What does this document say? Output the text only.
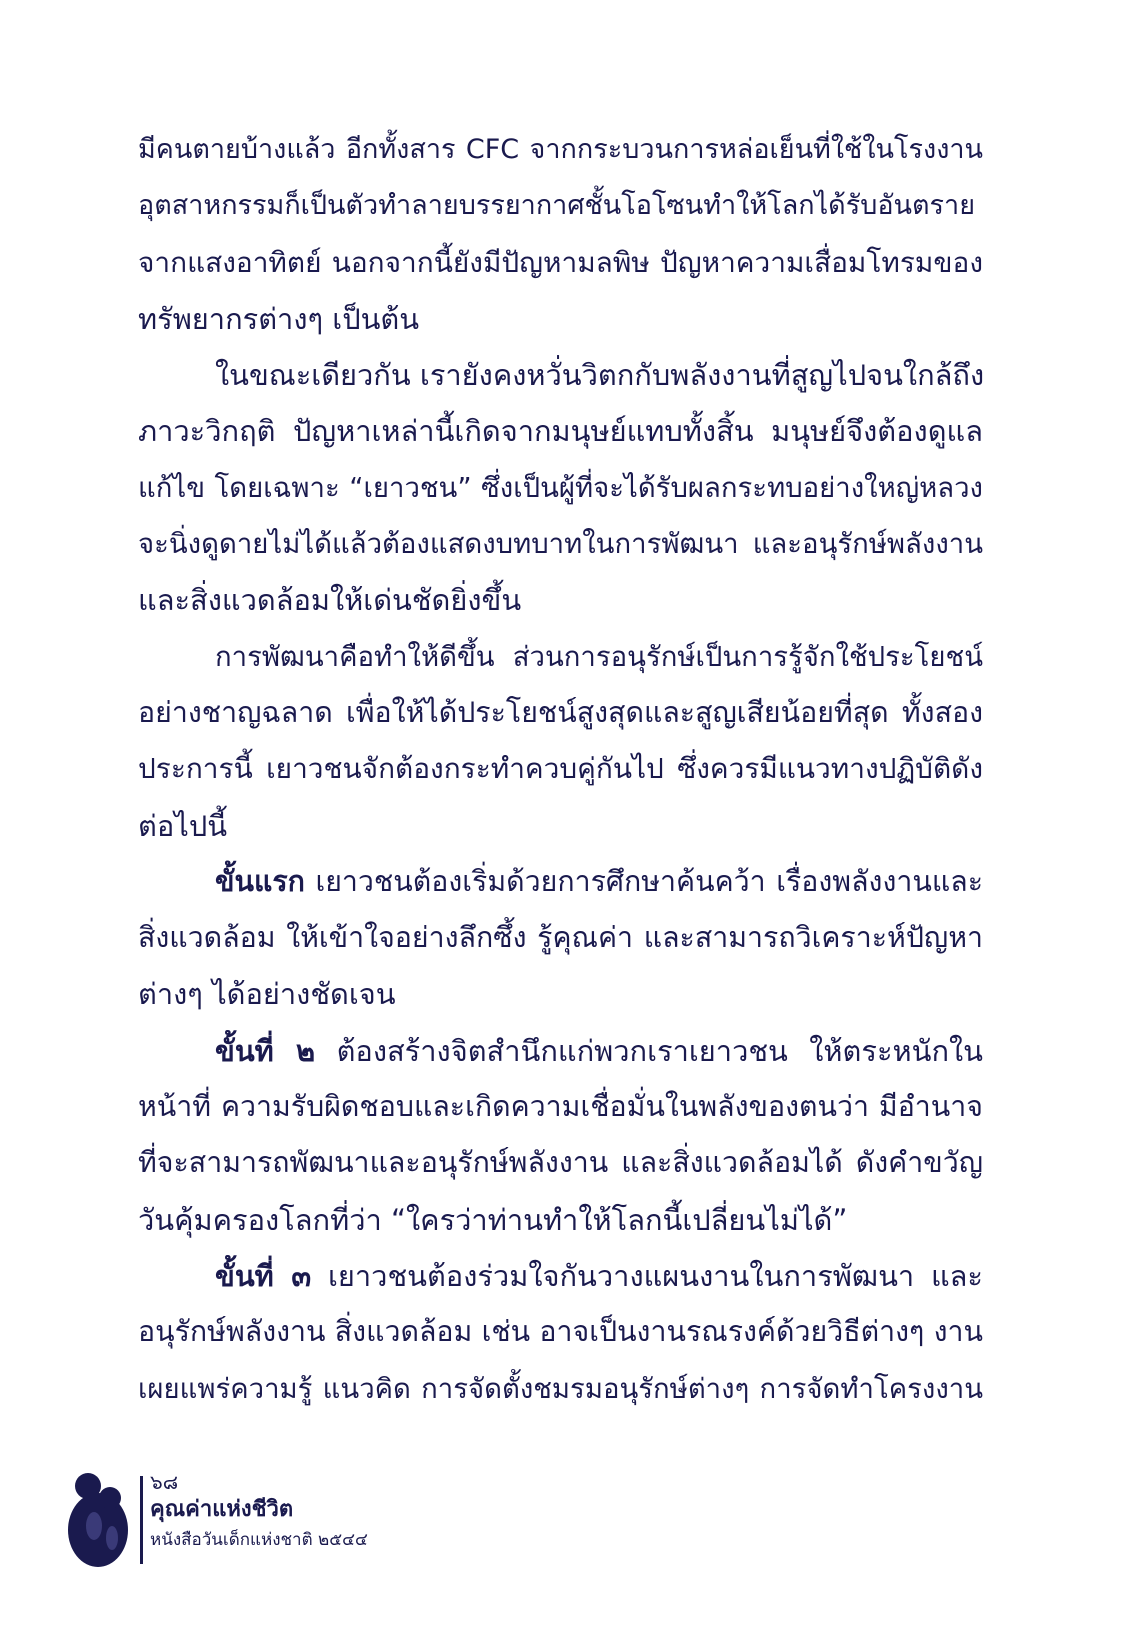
มีคนตายบ้างแล้ว อีกทั้งสาร CFC จากกระบวนการหล่อเย็นที่ใช้ในโรงงาน
อุตสาหกรรมก็เป็นตัวทำลายบรรยากาศชั้นโอโซนทำให้โลกได้รับอันตราย
จากแสงอาทิตย์ นอกจากนี้ยังมีปัญหามลพิษ ปัญหาความเสื่อมโทรมของ
ทรัพยากรต่างๆ เป็นต้น
ในขณะเดียวกัน เรายังคงหวั่นวิตกกับพลังงานที่สูญไปจนใกล้ถึง
ภาวะวิกฤติ ปัญหาเหล่านี้เกิดจากมนุษย์แทบทั้งสิ้น มนุษย์จึงต้องดูแล
แก้ไข โดยเฉพาะ “เยาวชน” ซึ่งเป็นผู้ที่จะได้รับผลกระทบอย่างใหญ่หลวง
จะนิ่งดูดายไม่ได้แล้วต้องแสดงบทบาทในการพัฒนา และอนุรักษ์พลังงาน
และสิ่งแวดล้อมให้เด่นชัดยิ่งขึ้น
การพัฒนาคือทำให้ดีขึ้น ส่วนการอนุรักษ์เป็นการรู้จักใช้ประโยชน์
อย่างชาญฉลาด เพื่อให้ได้ประโยชน์สูงสุดและสูญเสียน้อยที่สุด ทั้งสอง
ประการนี้ เยาวชนจักต้องกระทำควบคู่กันไป ซึ่งควรมีแนวทางปฏิบัติดัง
ต่อไปนี้
ขั้นแรก เยาวชนต้องเริ่มด้วยการศึกษาค้นคว้า เรื่องพลังงานและ
สิ่งแวดล้อม ให้เข้าใจอย่างลึกซึ้ง รู้คุณค่า และสามารถวิเคราะห์ปัญหา
ต่างๆ ได้อย่างชัดเจน
ขั้นที่ ๒ ต้องสร้างจิตสำนึกแก่พวกเราเยาวชน ให้ตระหนักใน
หน้าที่ ความรับผิดชอบและเกิดความเชื่อมั่นในพลังของตนว่า มีอำนาจ
ที่จะสามารถพัฒนาและอนุรักษ์พลังงาน และสิ่งแวดล้อมได้ ดังคำขวัญ
วันคุ้มครองโลกที่ว่า “ใครว่าท่านทำให้โลกนี้เปลี่ยนไม่ได้”
ขั้นที่ ๓ เยาวชนต้องร่วมใจกันวางแผนงานในการพัฒนา และ
อนุรักษ์พลังงาน สิ่งแวดล้อม เช่น อาจเป็นงานรณรงค์ด้วยวิธีต่างๆ งาน
เผยแพร่ความรู้ แนวคิด การจัดตั้งชมรมอนุรักษ์ต่างๆ การจัดทำโครงงาน
๖๘
คุณค่าแห่งชีวิต
หนังสือวันเด็กแห่งชาติ ๒๕๔๔
